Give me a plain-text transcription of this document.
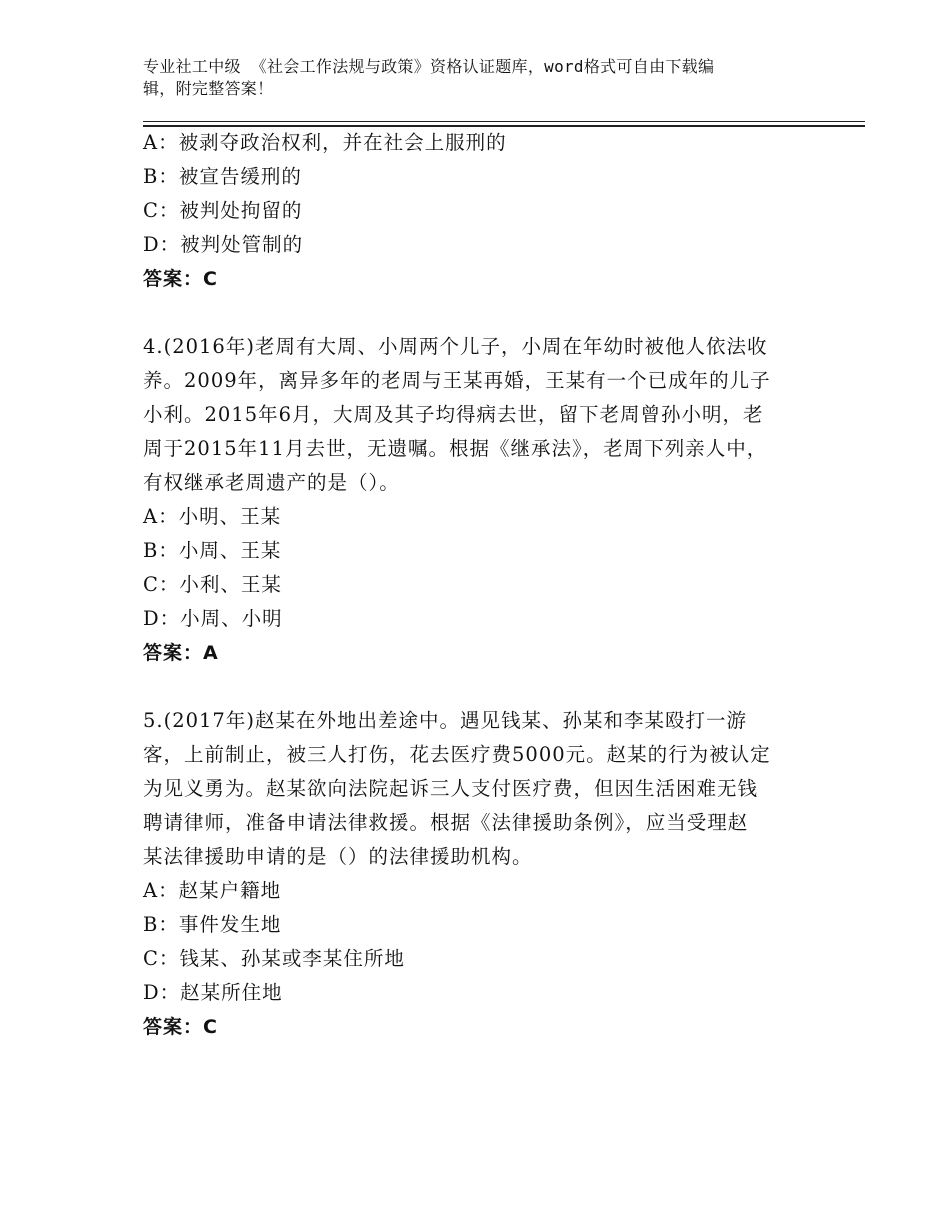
专业社工中级 《社会工作法规与政策》资格认证题库，word格式可自由下载编
辑，附完整答案！
A：被剥夺政治权利，并在社会上服刑的
B：被宣告缓刑的
C：被判处拘留的
D：被判处管制的
答案：C
4.(2016年)老周有大周、小周两个儿子，小周在年幼时被他人依法收
养。2009年，离异多年的老周与王某再婚，王某有一个已成年的儿子
小利。2015年6月，大周及其子均得病去世，留下老周曾孙小明，老
周于2015年11月去世，无遗嘱。根据《继承法》，老周下列亲人中，
有权继承老周遗产的是（）。
A：小明、王某
B：小周、王某
C：小利、王某
D：小周、小明
答案：A
5.(2017年)赵某在外地出差途中。遇见钱某、孙某和李某殴打一游
客，上前制止，被三人打伤，花去医疗费5000元。赵某的行为被认定
为见义勇为。赵某欲向法院起诉三人支付医疗费，但因生活困难无钱
聘请律师，准备申请法律救援。根据《法律援助条例》，应当受理赵
某法律援助申请的是（）的法律援助机构。
A：赵某户籍地
B：事件发生地
C：钱某、孙某或李某住所地
D：赵某所住地
答案：C
